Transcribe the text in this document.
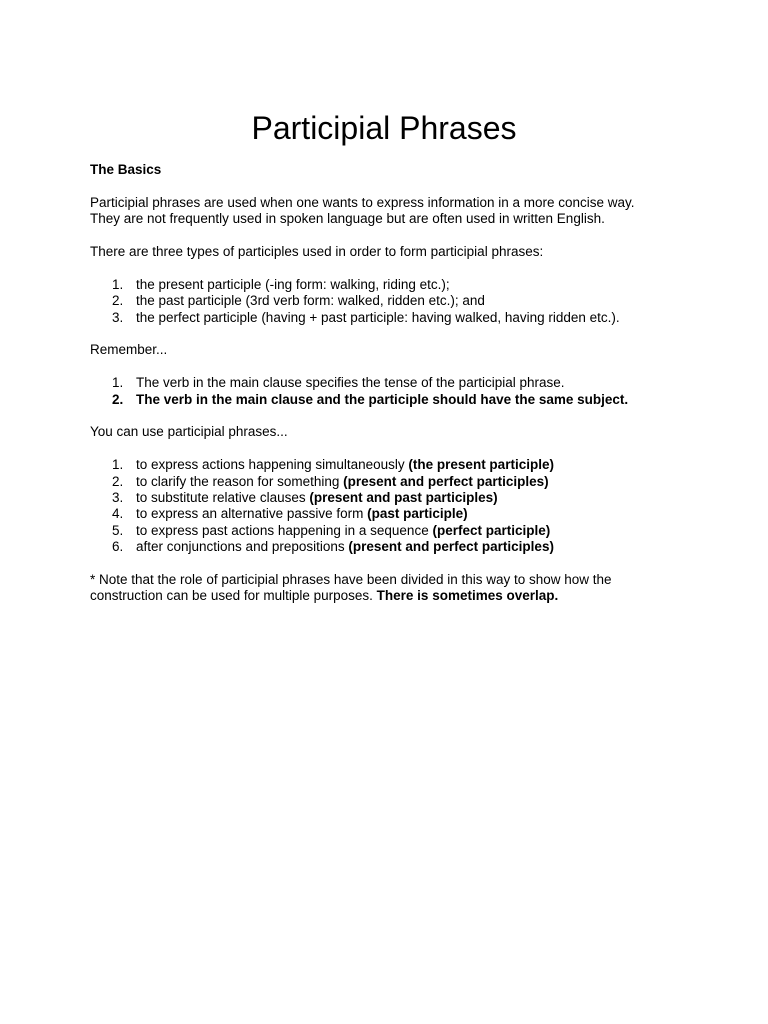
Participial Phrases

The Basics

Participial phrases are used when one wants to express information in a more concise way.

They are not frequently used in spoken language but are often used in written English.

There are three types of participles used in order to form participial phrases:

1. the present participle (-ing form: walking, riding etc.);
2. the past participle (3rd verb form: walked, ridden etc.); and
3. the perfect participle (having + past participle: having walked, having ridden etc.).

Remember...

1. The verb in the main clause specifies the tense of the participial phrase.
2. The verb in the main clause and the participle should have the same subject.

You can use participial phrases...

1. to express actions happening simultaneously (the present participle)
2. to clarify the reason for something (present and perfect participles)
3. to substitute relative clauses (present and past participles)
4. to express an alternative passive form (past participle)
5. to express past actions happening in a sequence (perfect participle)
6. after conjunctions and prepositions (present and perfect participles)

* Note that the role of participial phrases have been divided in this way to show how the

construction can be used for multiple purposes. There is sometimes overlap.
